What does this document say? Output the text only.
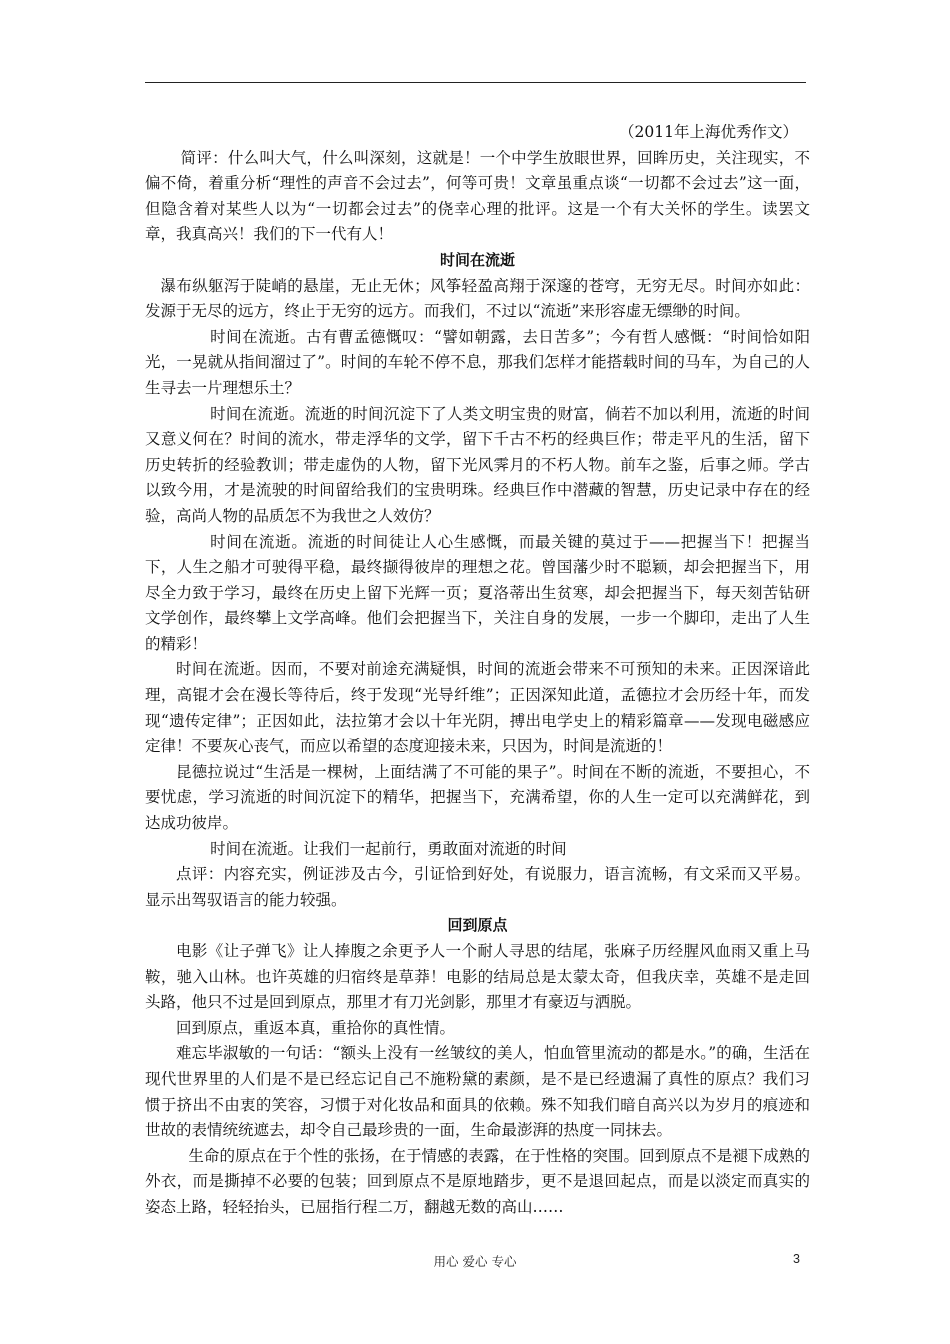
（2011年上海优秀作文）

简评：什么叫大气，什么叫深刻，这就是！一个中学生放眼世界，回眸历史，关注现实，不偏不倚，着重分析“理性的声音不会过去”，何等可贵！文章虽重点谈“一切都不会过去”这一面，但隐含着对某些人以为“一切都会过去”的侥幸心理的批评。这是一个有大关怀的学生。读罢文章，我真高兴！我们的下一代有人！

时间在流逝

瀑布纵躯泻于陡峭的悬崖，无止无休；风筝轻盈高翔于深邃的苍穹，无穷无尽。时间亦如此：发源于无尽的远方，终止于无穷的远方。而我们，不过以“流逝”来形容虚无缥缈的时间。

时间在流逝。古有曹孟德慨叹：“譬如朝露，去日苦多”；今有哲人感慨：“时间恰如阳光，一晃就从指间溜过了”。时间的车轮不停不息，那我们怎样才能搭载时间的马车，为自己的人生寻去一片理想乐土？

时间在流逝。流逝的时间沉淀下了人类文明宝贵的财富，倘若不加以利用，流逝的时间又意义何在？时间的流水，带走浮华的文学，留下千古不朽的经典巨作；带走平凡的生活，留下历史转折的经验教训；带走虚伪的人物，留下光风霁月的不朽人物。前车之鉴，后事之师。学古以致今用，才是流驶的时间留给我们的宝贵明珠。经典巨作中潜藏的智慧，历史记录中存在的经验，高尚人物的品质怎不为我世之人效仿？

时间在流逝。流逝的时间徒让人心生感慨，而最关键的莫过于——把握当下！把握当下，人生之船才可驶得平稳，最终撷得彼岸的理想之花。曾国藩少时不聪颖，却会把握当下，用尽全力致于学习，最终在历史上留下光辉一页；夏洛蒂出生贫寒，却会把握当下，每天刻苦钻研文学创作，最终攀上文学高峰。他们会把握当下，关注自身的发展，一步一个脚印，走出了人生的精彩！

时间在流逝。因而，不要对前途充满疑惧，时间的流逝会带来不可预知的未来。正因深谙此理，高锟才会在漫长等待后，终于发现“光导纤维”；正因深知此道，孟德拉才会历经十年，而发现“遗传定律”；正因如此，法拉第才会以十年光阴，搏出电学史上的精彩篇章——发现电磁感应定律！不要灰心丧气，而应以希望的态度迎接未来，只因为，时间是流逝的！

昆德拉说过“生活是一棵树，上面结满了不可能的果子”。时间在不断的流逝，不要担心，不要忧虑，学习流逝的时间沉淀下的精华，把握当下，充满希望，你的人生一定可以充满鲜花，到达成功彼岸。

时间在流逝。让我们一起前行，勇敢面对流逝的时间

点评：内容充实，例证涉及古今，引证恰到好处，有说服力，语言流畅，有文采而又平易。显示出驾驭语言的能力较强。

回到原点

电影《让子弹飞》让人捧腹之余更予人一个耐人寻思的结尾，张麻子历经腥风血雨又重上马鞍，驰入山林。也许英雄的归宿终是草莽！电影的结局总是太蒙太奇，但我庆幸，英雄不是走回头路，他只不过是回到原点，那里才有刀光剑影，那里才有豪迈与洒脱。

回到原点，重返本真，重拾你的真性情。

难忘毕淑敏的一句话：“额头上没有一丝皱纹的美人，怕血管里流动的都是水。”的确，生活在现代世界里的人们是不是已经忘记自己不施粉黛的素颜，是不是已经遗漏了真性的原点？我们习惯于挤出不由衷的笑容，习惯于对化妆品和面具的依赖。殊不知我们暗自高兴以为岁月的痕迹和世故的表情统统遮去，却令自己最珍贵的一面，生命最澎湃的热度一同抹去。

生命的原点在于个性的张扬，在于情感的表露，在于性格的突围。回到原点不是褪下成熟的外衣，而是撕掉不必要的包装；回到原点不是原地踏步，更不是退回起点，而是以淡定而真实的姿态上路，轻轻抬头，已屈指行程二万，翻越无数的高山……

用心 爱心 专心	3
